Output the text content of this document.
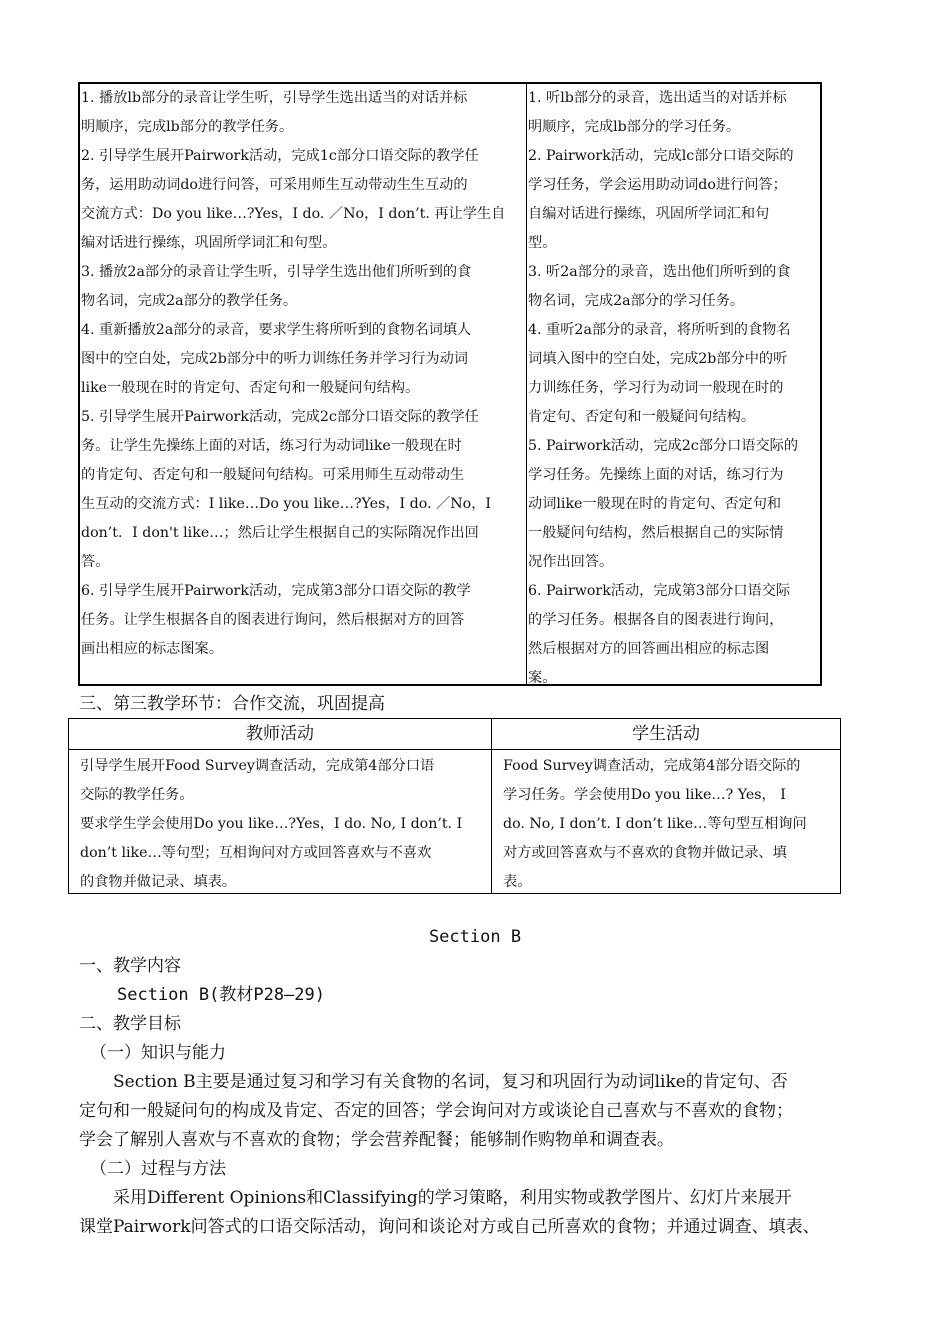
1. 播放lb部分的录音让学生听，引导学生选出适当的对话并标
明顺序，完成lb部分的教学任务。
2. 引导学生展开Pairwork活动，完成1c部分口语交际的教学任
务，运用助动词do进行问答，可采用师生互动带动生生互动的
交流方式：Do you like…?Yes，I do. ／No，I don’t. 再让学生自
编对话进行操练，巩固所学词汇和句型。
3. 播放2a部分的录音让学生听，引导学生选出他们所听到的食
物名词，完成2a部分的教学任务。
4. 重新播放2a部分的录音，要求学生将所听到的食物名词填人
图中的空白处，完成2b部分中的听力训练任务并学习行为动词
like一般现在时的肯定句、否定句和一般疑问句结构。
5. 引导学生展开Pairwork活动，完成2c部分口语交际的教学任
务。让学生先操练上面的对话，练习行为动词like一般现在时
的肯定句、否定句和一般疑问句结构。可采用师生互动带动生
生互动的交流方式：I like…Do you like…?Yes，I do. ／No，I
don’t．I don't like…；然后让学生根据自己的实际隋况作出回
答。
6. 引导学生展开Pairwork活动，完成第3部分口语交际的教学
任务。让学生根据各自的图表进行询问，然后根据对方的回答
画出相应的标志图案。
1. 听lb部分的录音，选出适当的对话并标
明顺序，完成lb部分的学习任务。
2. Pairwork活动，完成lc部分口语交际的
学习任务，学会运用助动词do进行问答；
自编对话进行操练，巩固所学词汇和句
型。
3. 听2a部分的录音，选出他们所听到的食
物名词，完成2a部分的学习任务。
4. 重听2a部分的录音，将所听到的食物名
词填入图中的空白处，完成2b部分中的听
力训练任务，学习行为动词一般现在时的
肯定句、否定句和一般疑问句结构。
5. Pairwork活动，完成2c部分口语交际的
学习任务。先操练上面的对话，练习行为
动词like一般现在时的肯定句、否定句和
一般疑问句结构，然后根据自己的实际情
况作出回答。
6. Pairwork活动，完成第3部分口语交际
的学习任务。根据各自的图表进行询问，
然后根据对方的回答画出相应的标志图
案。
三、第三教学环节：合作交流，巩固提高
教师活动	学生活动
引导学生展开Food Survey调查活动，完成第4部分口语
交际的教学任务。
要求学生学会使用Do you like…?Yes，I do. No, I don’t. I
don’t like…等句型；互相询问对方或回答喜欢与不喜欢
的食物并做记录、填表。
Food Survey调查活动，完成第4部分语交际的
学习任务。学会使用Do you like…? Yes， I
do. No, I don’t. I don’t like…等句型互相询问
对方或回答喜欢与不喜欢的食物并做记录、填
表。
Section B
一、教学内容
Section B(教材P28—29)
二、教学目标
（一）知识与能力
　　Section B主要是通过复习和学习有关食物的名词，复习和巩固行为动词like的肯定句、否
定句和一般疑问句的构成及肯定、否定的回答；学会询问对方或谈论自己喜欢与不喜欢的食物；
学会了解别人喜欢与不喜欢的食物；学会营养配餐；能够制作购物单和调查表。
（二）过程与方法
　　采用Different Opinions和Classifying的学习策略，利用实物或教学图片、幻灯片来展开
课堂Pairwork问答式的口语交际活动，询问和谈论对方或自己所喜欢的食物；并通过调查、填表、
